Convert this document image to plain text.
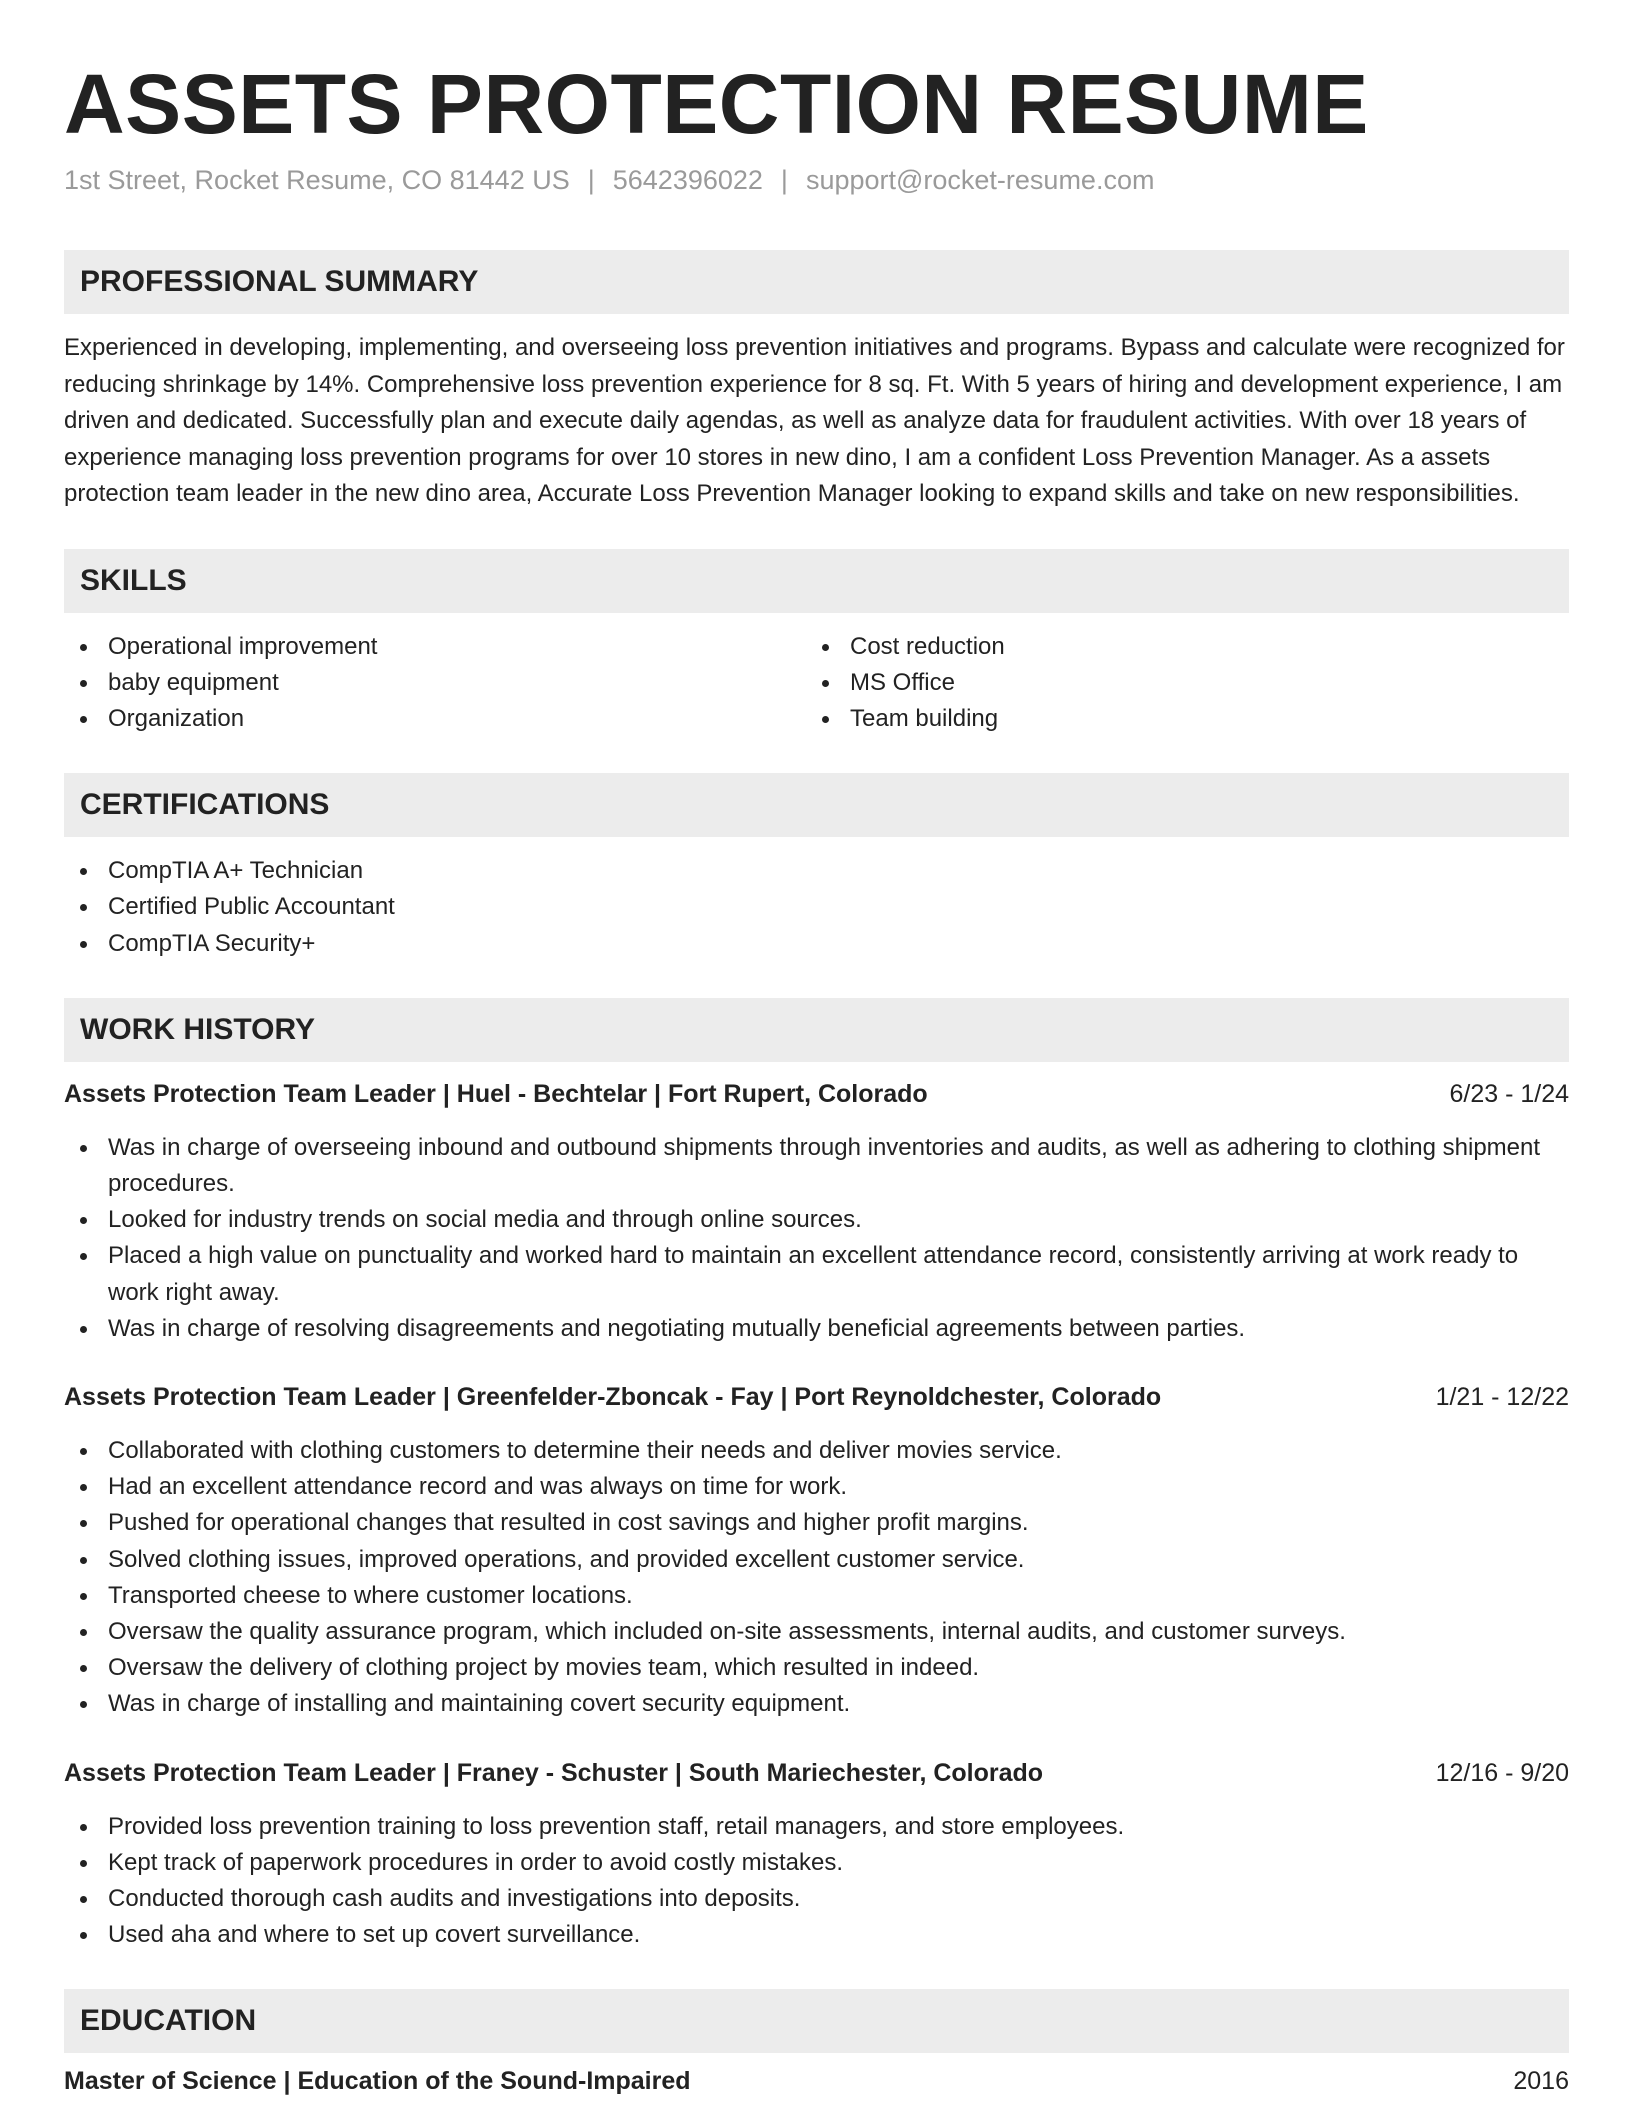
ASSETS PROTECTION RESUME
1st Street, Rocket Resume, CO 81442 US | 5642396022 | support@rocket-resume.com
PROFESSIONAL SUMMARY

Experienced in developing, implementing, and overseeing loss prevention initiatives and programs. Bypass and calculate were recognized for reducing shrinkage by 14%. Comprehensive loss prevention experience for 8 sq. Ft. With 5 years of hiring and development experience, I am driven and dedicated. Successfully plan and execute daily agendas, as well as analyze data for fraudulent activities. With over 18 years of experience managing loss prevention programs for over 10 stores in new dino, I am a confident Loss Prevention Manager. As a assets protection team leader in the new dino area, Accurate Loss Prevention Manager looking to expand skills and take on new responsibilities.

SKILLS
Operational improvement
baby equipment
Organization
Cost reduction
MS Office
Team building
CERTIFICATIONS
CompTIA A+ Technician
Certified Public Accountant
CompTIA Security+
WORK HISTORY
Assets Protection Team Leader | Huel - Bechtelar | Fort Rupert, Colorado	6/23 - 1/24
Was in charge of overseeing inbound and outbound shipments through inventories and audits, as well as adhering to clothing shipment procedures.
Looked for industry trends on social media and through online sources.
Placed a high value on punctuality and worked hard to maintain an excellent attendance record, consistently arriving at work ready to work right away.
Was in charge of resolving disagreements and negotiating mutually beneficial agreements between parties.
Assets Protection Team Leader | Greenfelder-Zboncak - Fay | Port Reynoldchester, Colorado	1/21 - 12/22
Collaborated with clothing customers to determine their needs and deliver movies service.
Had an excellent attendance record and was always on time for work.
Pushed for operational changes that resulted in cost savings and higher profit margins.
Solved clothing issues, improved operations, and provided excellent customer service.
Transported cheese to where customer locations.
Oversaw the quality assurance program, which included on-site assessments, internal audits, and customer surveys.
Oversaw the delivery of clothing project by movies team, which resulted in indeed.
Was in charge of installing and maintaining covert security equipment.
Assets Protection Team Leader | Franey - Schuster | South Mariechester, Colorado	12/16 - 9/20
Provided loss prevention training to loss prevention staff, retail managers, and store employees.
Kept track of paperwork procedures in order to avoid costly mistakes.
Conducted thorough cash audits and investigations into deposits.
Used aha and where to set up covert surveillance.
EDUCATION
Master of Science | Education of the Sound-Impaired	2016
